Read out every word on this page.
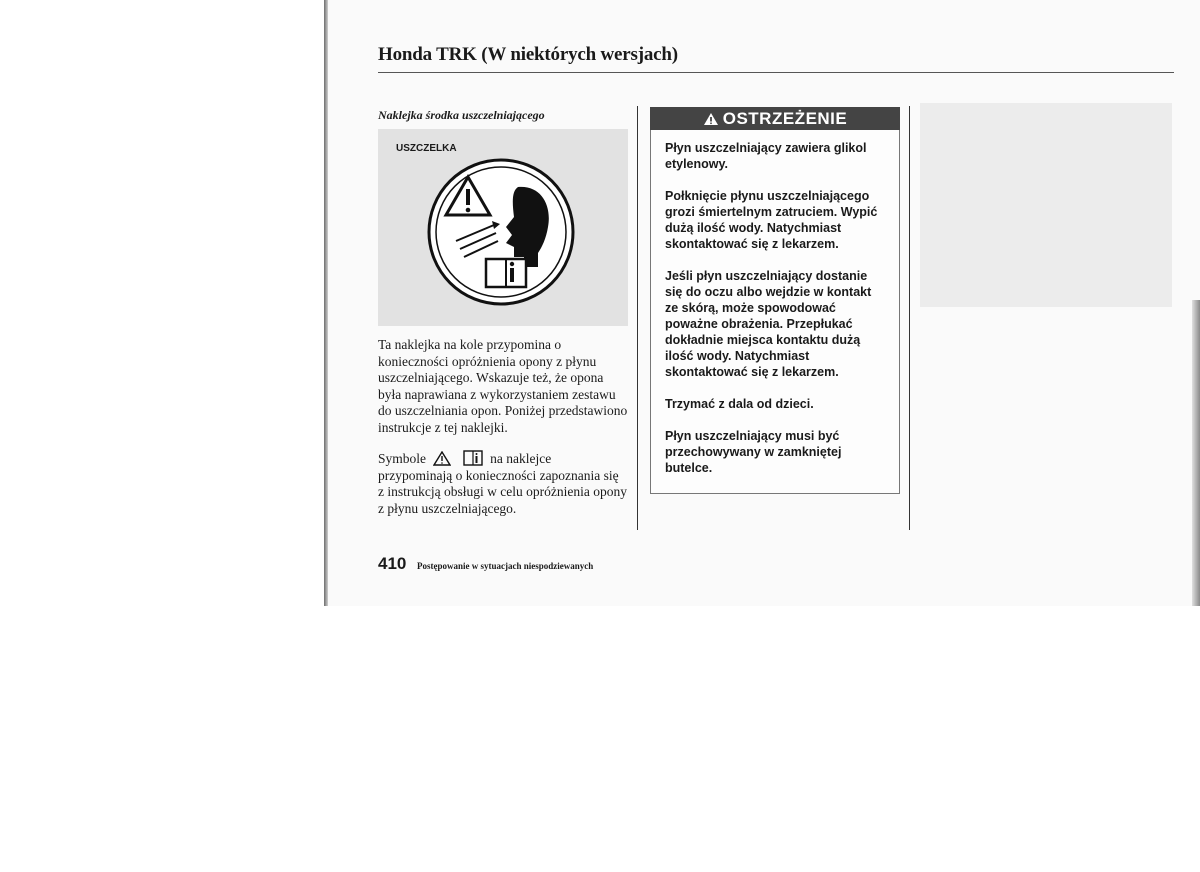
Honda TRK (W niektórych wersjach)
Naklejka środka uszczelniającego
USZCZELKA
Ta naklejka na kole przypomina o konieczności opróżnienia opony z płynu uszczelniającego. Wskazuje też, że opona była naprawiana z wykorzystaniem zestawu do uszczelniania opon. Poniżej przedstawiono instrukcje z tej naklejki.
Symbole	na naklejce przypominają o konieczności zapoznania się z instrukcją obsługi w celu opróżnienia opony z płynu uszczelniającego.
OSTRZEŻENIE

Płyn uszczelniający zawiera glikol etylenowy.

Połknięcie płynu uszczelniającego grozi śmiertelnym zatruciem. Wypić dużą ilość wody. Natychmiast skontaktować się z lekarzem.

Jeśli płyn uszczelniający dostanie się do oczu albo wejdzie w kontakt ze skórą, może spowodować poważne obrażenia. Przepłukać dokładnie miejsca kontaktu dużą ilość wody. Natychmiast skontaktować się z lekarzem.

Trzymać z dala od dzieci.

Płyn uszczelniający musi być przechowywany w zamkniętej butelce.

410 Postępowanie w sytuacjach niespodziewanych
